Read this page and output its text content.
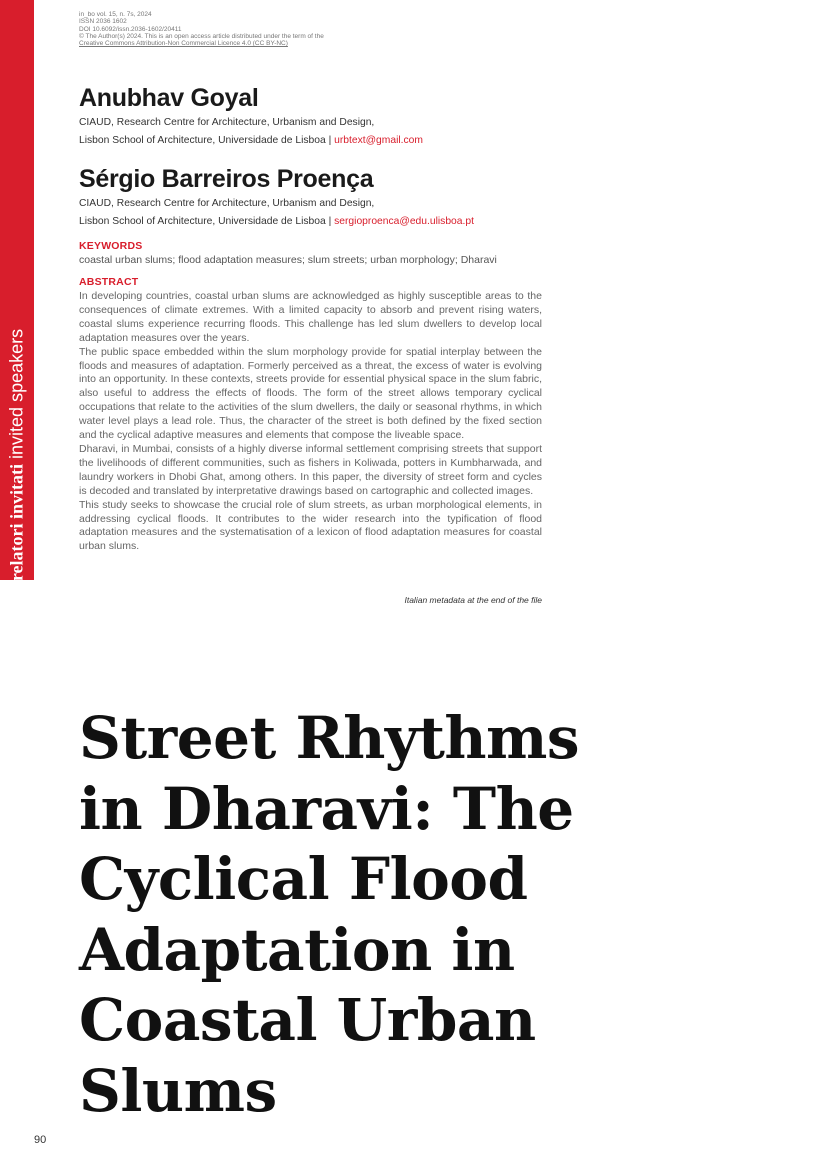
relatori invitati invited speakers
in_bo vol. 15, n. 7s, 2024
ISSN 2036 1602
DOI 10.6092/issn.2036-1602/20411
© The Author(s) 2024. This is an open access article distributed under the term of the
Creative Commons Attribution-Non Commercial Licence 4.0 (CC BY-NC)
Anubhav Goyal
CIAUD, Research Centre for Architecture, Urbanism and Design,
Lisbon School of Architecture, Universidade de Lisboa | urbtext@gmail.com
Sérgio Barreiros Proença
CIAUD, Research Centre for Architecture, Urbanism and Design,
Lisbon School of Architecture, Universidade de Lisboa | sergioproenca@edu.ulisboa.pt
KEYWORDS
coastal urban slums; flood adaptation measures; slum streets; urban morphology; Dharavi
ABSTRACT

In developing countries, coastal urban slums are acknowledged as highly susceptible areas to the consequences of climate extremes. With a limited capacity to absorb and prevent rising waters, coastal slums experience recurring floods. This challenge has led slum dwellers to develop local adaptation measures over the years.

The public space embedded within the slum morphology provide for spatial interplay between the floods and measures of adaptation. Formerly perceived as a threat, the excess of water is evolving into an opportunity. In these contexts, streets provide for essential physical space in the slum fabric, also useful to address the effects of floods. The form of the street allows temporary cyclical occupations that relate to the activities of the slum dwellers, the daily or seasonal rhythms, in which water level plays a lead role. Thus, the character of the street is both defined by the fixed section and the cyclical adaptive measures and elements that compose the liveable space.

Dharavi, in Mumbai, consists of a highly diverse informal settlement comprising streets that support the livelihoods of different communities, such as fishers in Koliwada, potters in Kumbharwada, and laundry workers in Dhobi Ghat, among others. In this paper, the diversity of street form and cycles is decoded and translated by interpretative drawings based on cartographic and collected images.

This study seeks to showcase the crucial role of slum streets, as urban morphological elements, in addressing cyclical floods. It contributes to the wider research into the typification of flood adaptation measures and the systematisation of a lexicon of flood adaptation measures for coastal urban slums.

Italian metadata at the end of the file
Street Rhythms
in Dharavi: The
Cyclical Flood
Adaptation in
Coastal Urban
Slums
90
